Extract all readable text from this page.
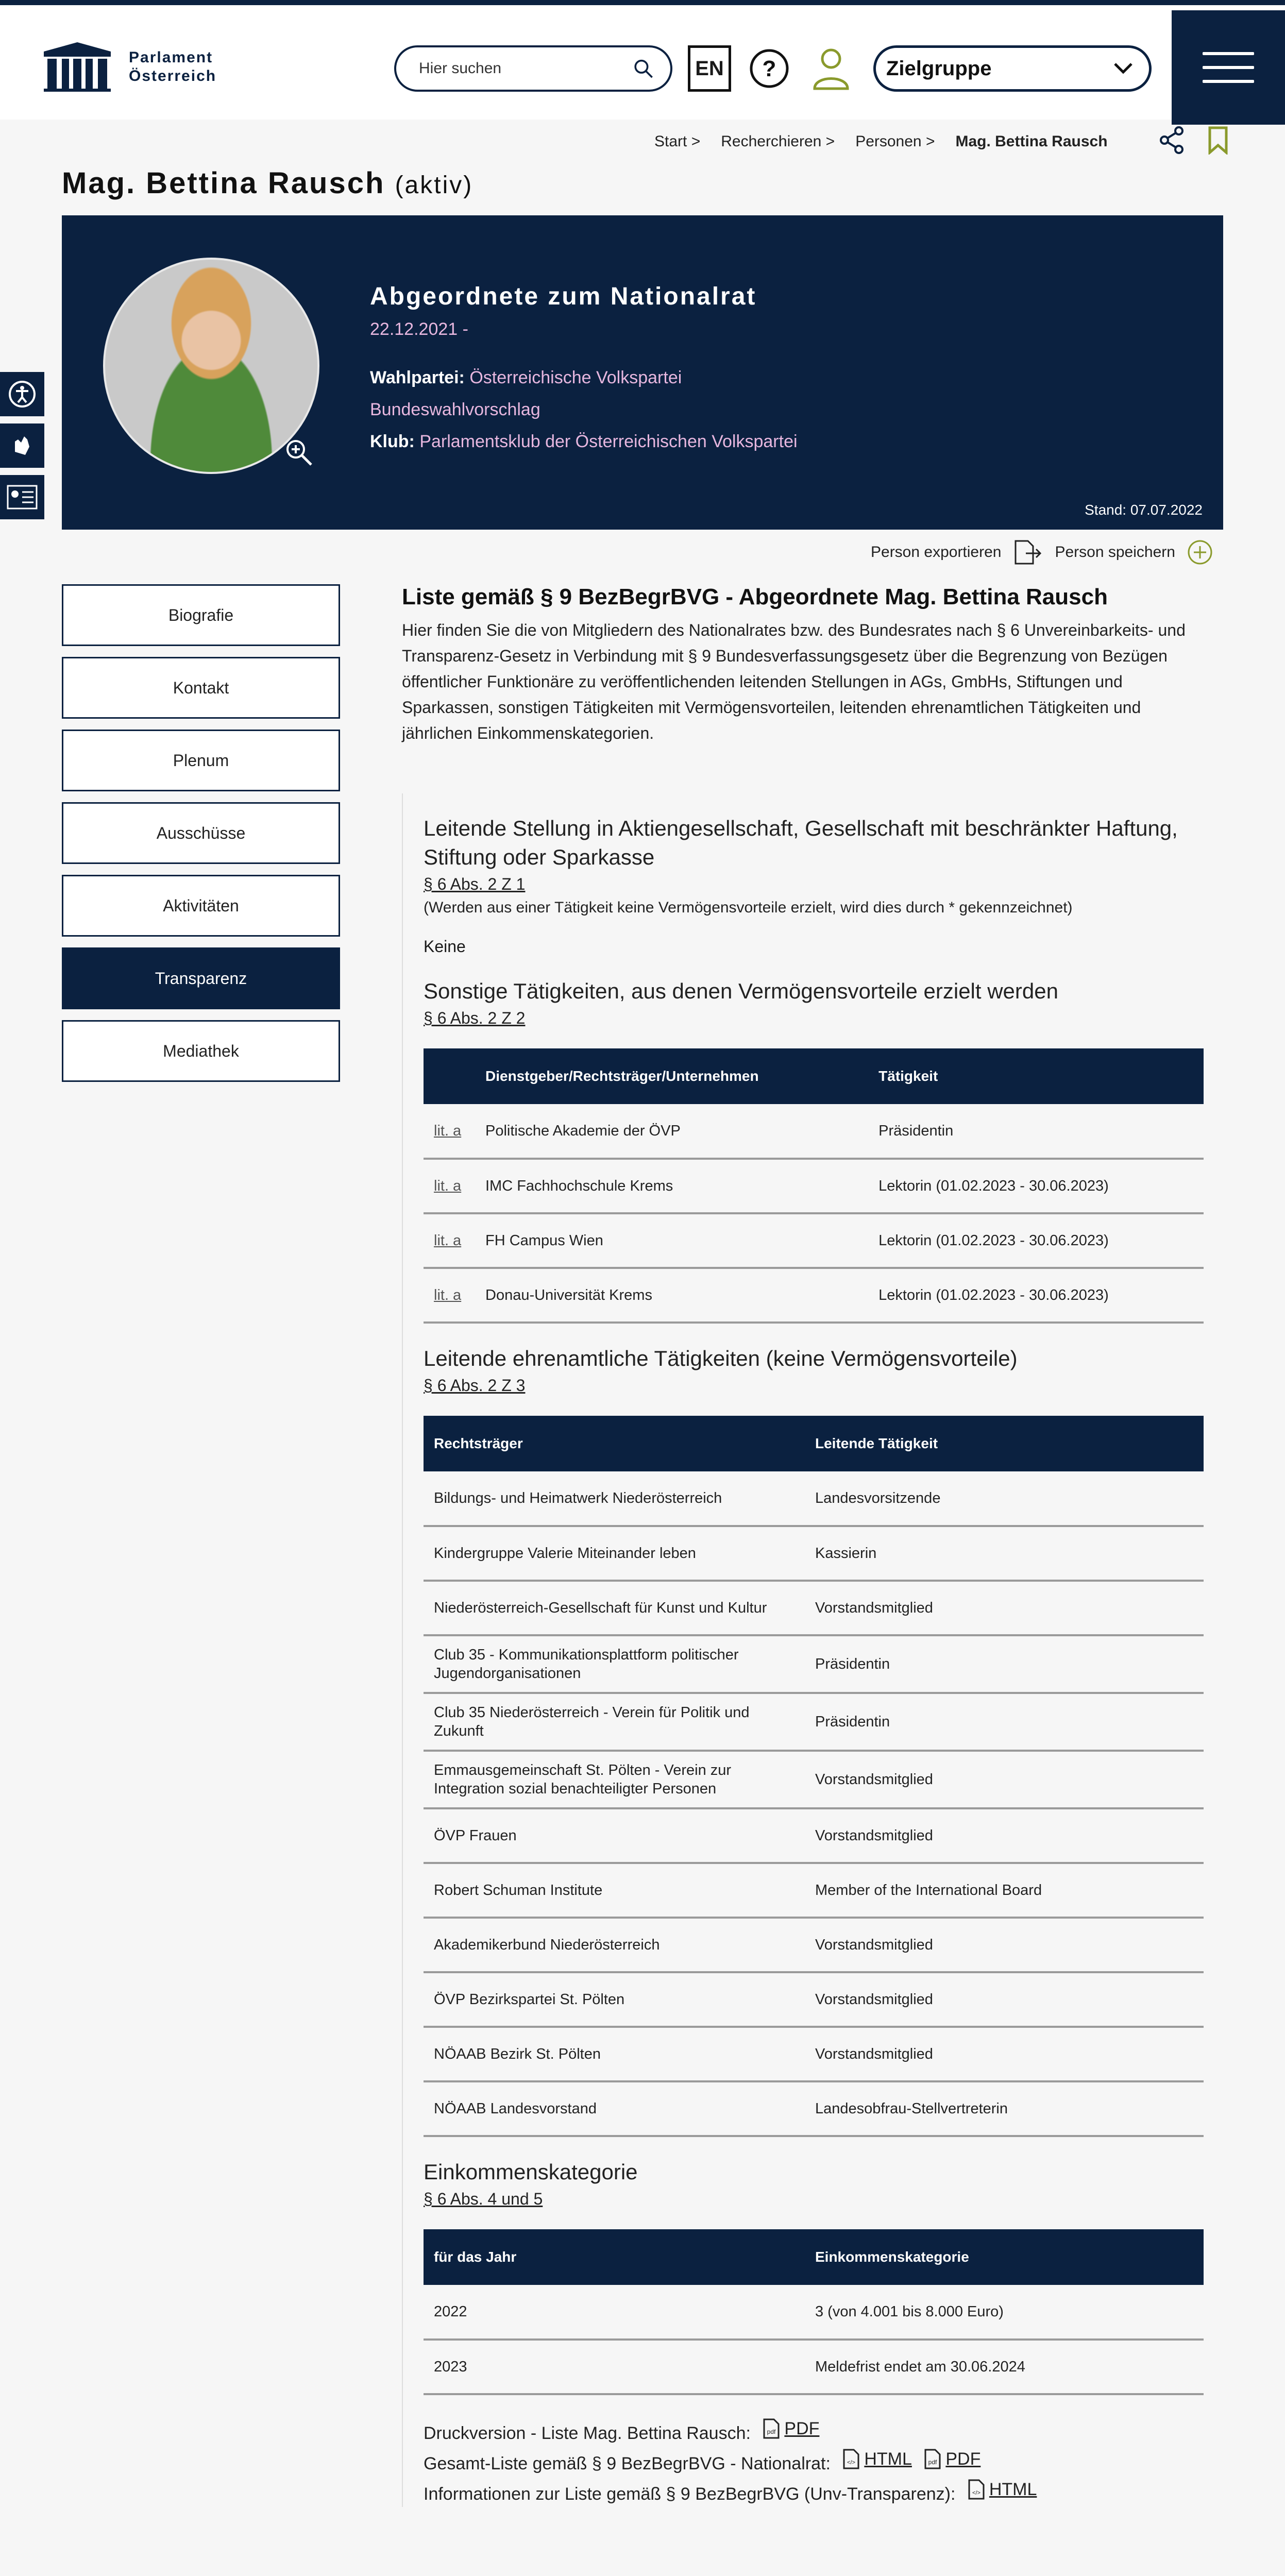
Parlament
Österreich
Hier suchen	EN	?	Zielgruppe
Start > Recherchieren > Personen > Mag. Bettina Rausch
Mag. Bettina Rausch (aktiv)
Abgeordnete zum Nationalrat
22.12.2021 -
Wahlpartei: Österreichische Volkspartei
Bundeswahlvorschlag
Klub: Parlamentsklub der Österreichischen Volkspartei
Stand: 07.07.2022
Person exportieren	Person speichern
Biografie
Kontakt
Plenum
Ausschüsse
Aktivitäten
Transparenz
Mediathek
Liste gemäß § 9 BezBegrBVG - Abgeordnete Mag. Bettina Rausch

Hier finden Sie die von Mitgliedern des Nationalrates bzw. des Bundesrates nach § 6 Unvereinbarkeits- und Transparenz-Gesetz in Verbindung mit § 9 Bundesverfassungsgesetz über die Begrenzung von Bezügen öffentlicher Funktionäre zu veröffentlichenden leitenden Stellungen in AGs, GmbHs, Stiftungen und Sparkassen, sonstigen Tätigkeiten mit Vermögensvorteilen, leitenden ehrenamtlichen Tätigkeiten und jährlichen Einkommenskategorien.

Leitende Stellung in Aktiengesellschaft, Gesellschaft mit beschränkter Haftung, Stiftung oder Sparkasse
§ 6 Abs. 2 Z 1
(Werden aus einer Tätigkeit keine Vermögensvorteile erzielt, wird dies durch * gekennzeichnet)
Keine
Sonstige Tätigkeiten, aus denen Vermögensvorteile erzielt werden
§ 6 Abs. 2 Z 2
	Dienstgeber/Rechtsträger/Unternehmen	Tätigkeit
lit. a	Politische Akademie der ÖVP	Präsidentin
lit. a	IMC Fachhochschule Krems	Lektorin (01.02.2023 - 30.06.2023)
lit. a	FH Campus Wien	Lektorin (01.02.2023 - 30.06.2023)
lit. a	Donau-Universität Krems	Lektorin (01.02.2023 - 30.06.2023)
Leitende ehrenamtliche Tätigkeiten (keine Vermögensvorteile)
§ 6 Abs. 2 Z 3
Rechtsträger	Leitende Tätigkeit
Bildungs- und Heimatwerk Niederösterreich	Landesvorsitzende
Kindergruppe Valerie Miteinander leben	Kassierin
Niederösterreich-Gesellschaft für Kunst und Kultur	Vorstandsmitglied
Club 35 - Kommunikationsplattform politischer Jugendorganisationen	Präsidentin
Club 35 Niederösterreich - Verein für Politik und Zukunft	Präsidentin
Emmausgemeinschaft St. Pölten - Verein zur Integration sozial benachteiligter Personen	Vorstandsmitglied
ÖVP Frauen	Vorstandsmitglied
Robert Schuman Institute	Member of the International Board
Akademikerbund Niederösterreich	Vorstandsmitglied
ÖVP Bezirkspartei St. Pölten	Vorstandsmitglied
NÖAAB Bezirk St. Pölten	Vorstandsmitglied
NÖAAB Landesvorstand	Landesobfrau-Stellvertreterin
Einkommenskategorie
§ 6 Abs. 4 und 5
für das Jahr	Einkommenskategorie
2022	3 (von 4.001 bis 8.000 Euro)
2023	Meldefrist endet am 30.06.2024
Druckversion - Liste Mag. Bettina Rausch:	pdf PDF
Gesamt-Liste gemäß § 9 BezBegrBVG - Nationalrat:	</> HTML
	pdf PDF
Informationen zur Liste gemäß § 9 BezBegrBVG (Unv-Transparenz):	</> HTML
